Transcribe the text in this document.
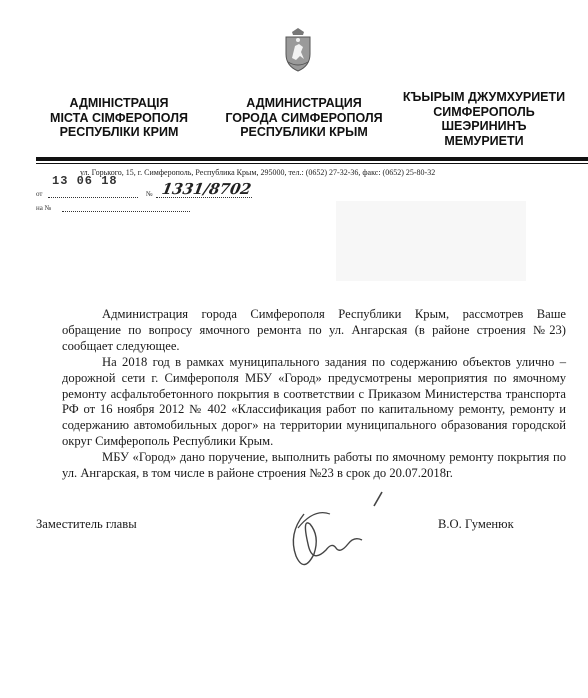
АДМІНІСТРАЦІЯ
МІСТА СІМФЕРОПОЛЯ
РЕСПУБЛІКИ КРИМ
АДМИНИСТРАЦИЯ
ГОРОДА СИМФЕРОПОЛЯ
РЕСПУБЛИКИ КРЫМ
КЪЫРЫМ ДЖУМХУРИЕТИ
СИМФЕРОПОЛЬ
ШЕЭРИНИНЪ
МЕМУРИЕТИ
ул. Горького, 15, г. Симферополь, Республика Крым, 295000, тел.: (0652) 27-32-36, факс: (0652) 25-80-32
13 06 18
от	№ 1331/8702
на №

Администрация города Симферополя Республики Крым, рассмотрев Ваше обращение по вопросу ямочного ремонта по ул. Ангарская (в районе строения №23) сообщает следующее.

На 2018 год в рамках муниципального задания по содержанию объектов улично – дорожной сети г. Симферополя МБУ «Город» предусмотрены мероприятия по ямочному ремонту асфальтобетонного покрытия в соответствии с Приказом Министерства транспорта РФ от 16 ноября 2012 № 402 «Классификация работ по капитальному ремонту, ремонту и содержанию автомобильных дорог» на территории муниципального образования городской округ Симферополь Республики Крым.

МБУ «Город» дано поручение, выполнить работы по ямочному ремонту покрытия по ул. Ангарская, в том числе в районе строения №23 в срок до 20.07.2018г.

Заместитель главы	В.О. Гуменюк
